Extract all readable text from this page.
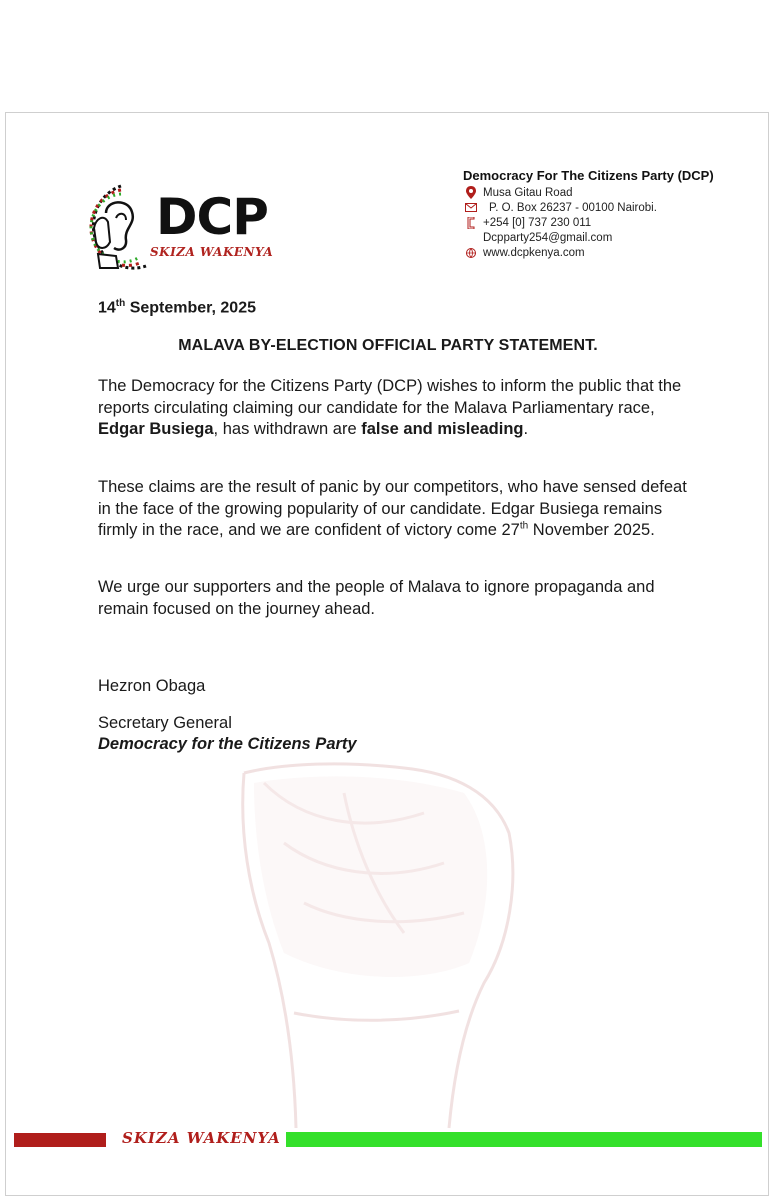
DCP
SKIZA WAKENYA
Democracy For The Citizens Party (DCP)
Musa Gitau Road
P. O. Box 26237 - 00100 Nairobi.
+254 [0] 737 230 011
Dcpparty254@gmail.com
www.dcpkenya.com
14th September, 2025
MALAVA BY-ELECTION OFFICIAL PARTY STATEMENT.
The Democracy for the Citizens Party (DCP) wishes to inform the public that the reports circulating claiming our candidate for the Malava Parliamentary race, Edgar Busiega, has withdrawn are false and misleading.
These claims are the result of panic by our competitors, who have sensed defeat in the face of the growing popularity of our candidate. Edgar Busiega remains firmly in the race, and we are confident of victory come 27th November 2025.
We urge our supporters and the people of Malava to ignore propaganda and remain focused on the journey ahead.
Hezron Obaga
Secretary General
Democracy for the Citizens Party
SKIZA WAKENYA
